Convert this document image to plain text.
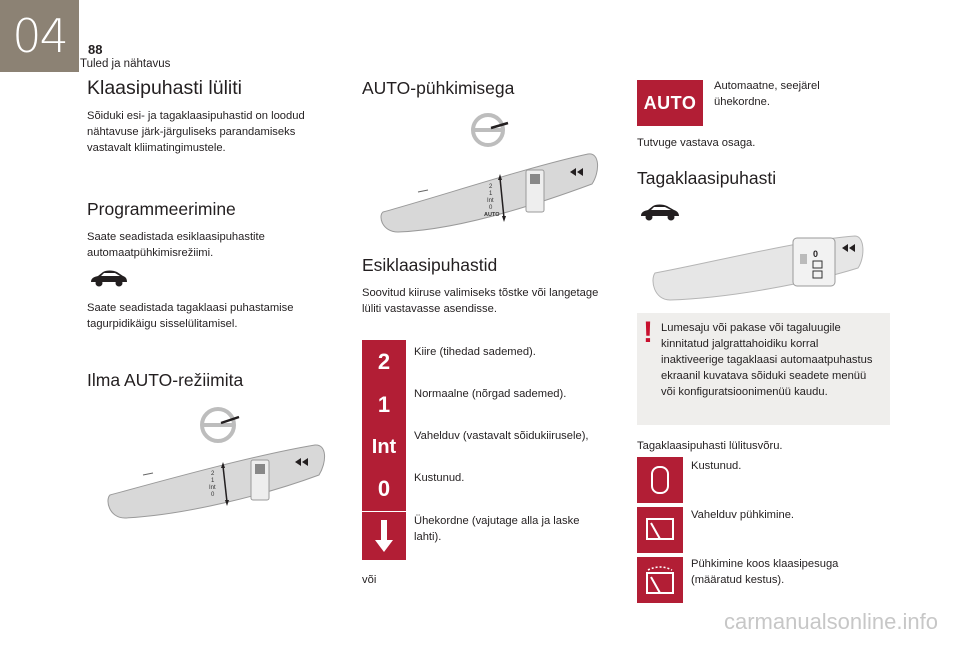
04	88
Tuled ja nähtavus
Klaasipuhasti lüliti
Sõiduki esi- ja tagaklaasipuhastid on loodud
nähtavuse järk-järguliseks parandamiseks
vastavalt kliimatingimustele.
Programmeerimine
Saate seadistada esiklaasipuhastite
automaatpühkimisrežiimi.
Saate seadistada tagaklaasi puhastamise
tagurpidikäigu sisselülitamisel.
Ilma AUTO-režiimita
2
1
Int
0
AUTO-pühkimisega
2
1
Int
0
AUTO
Esiklaasipuhastid
Soovitud kiiruse valimiseks tõstke või langetage
lüliti vastavasse asendisse.
2	Kiire (tihedad sademed).
1	Normaalne (nõrgad sademed).
Int	Vahelduv (vastavalt sõidukiirusele),
0	Kustunud.
Ühekordne (vajutage alla ja laske
lahti).
või
AUTO
Automaatne, seejärel
ühekordne.
Tutvuge vastava osaga.
Tagaklaasipuhasti
0
! Lumesaju või pakase või tagaluugile
kinnitatud jalgrattahoidiku korral
inaktiveerige tagaklaasi automaatpuhastus
ekraanil kuvatava sõiduki seadete menüü
või konfiguratsioonimenüü kaudu.
Tagaklaasipuhasti lülitusvõru.
Kustunud.
Vahelduv pühkimine.
Pühkimine koos klaasipesuga
(määratud kestus).
carmanualsonline.info
